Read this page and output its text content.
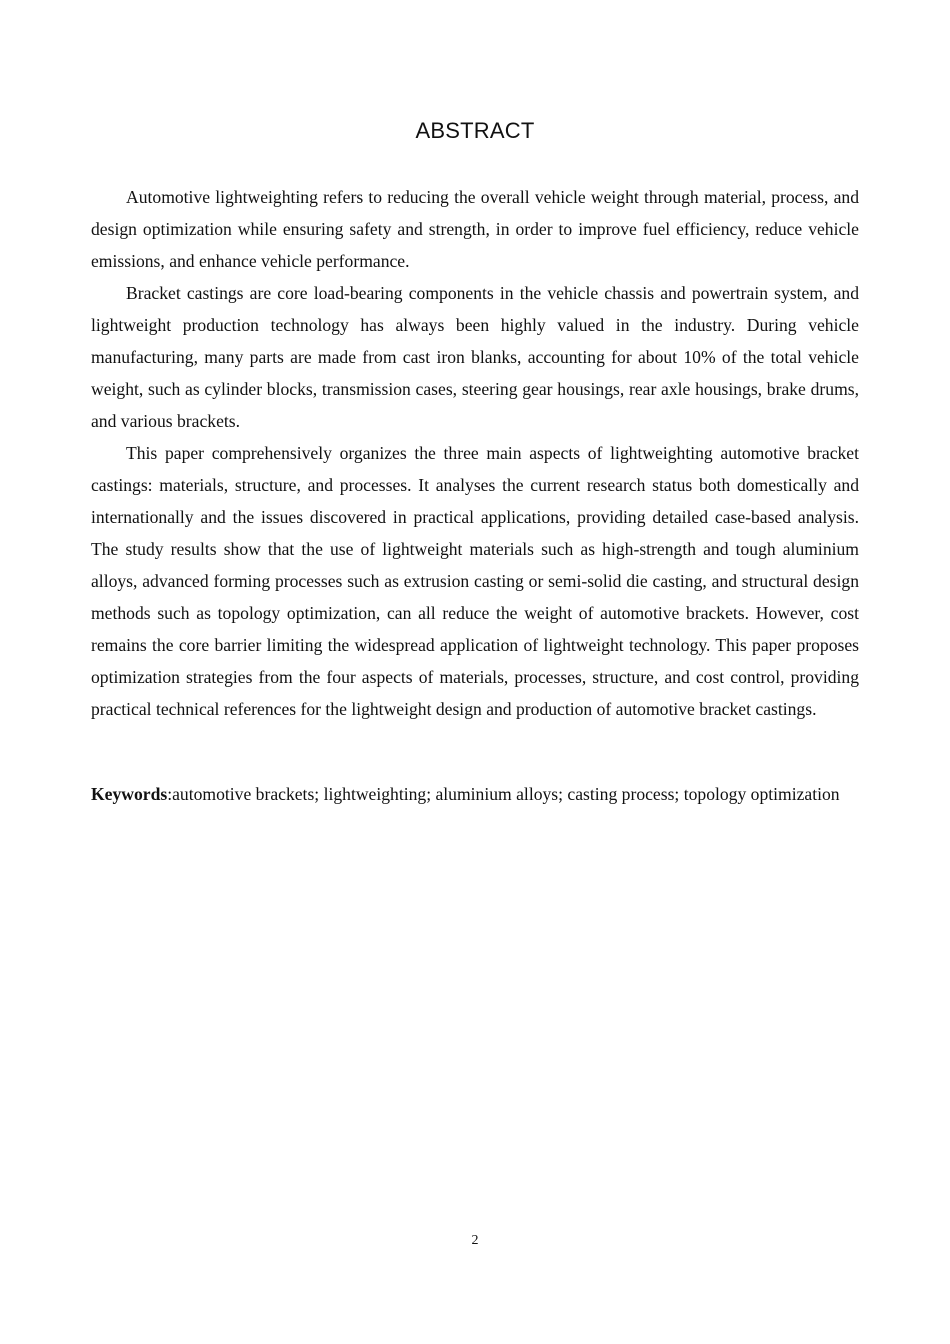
ABSTRACT

Automotive lightweighting refers to reducing the overall vehicle weight through material, process, and design optimization while ensuring safety and strength, in order to improve fuel efficiency, reduce vehicle emissions, and enhance vehicle performance.

Bracket castings are core load-bearing components in the vehicle chassis and powertrain system, and lightweight production technology has always been highly valued in the industry. During vehicle manufacturing, many parts are made from cast iron blanks, accounting for about 10% of the total vehicle weight, such as cylinder blocks, transmission cases, steering gear housings, rear axle housings, brake drums, and various brackets.

This paper comprehensively organizes the three main aspects of lightweighting automotive bracket castings: materials, structure, and processes. It analyses the current research status both domestically and internationally and the issues discovered in practical applications, providing detailed case-based analysis. The study results show that the use of lightweight materials such as high-strength and tough aluminium alloys, advanced forming processes such as extrusion casting or semi-solid die casting, and structural design methods such as topology optimization, can all reduce the weight of automotive brackets. However, cost remains the core barrier limiting the widespread application of lightweight technology. This paper proposes optimization strategies from the four aspects of materials, processes, structure, and cost control, providing practical technical references for the lightweight design and production of automotive bracket castings.

Keywords:automotive brackets; lightweighting; aluminium alloys; casting process; topology optimization
2
